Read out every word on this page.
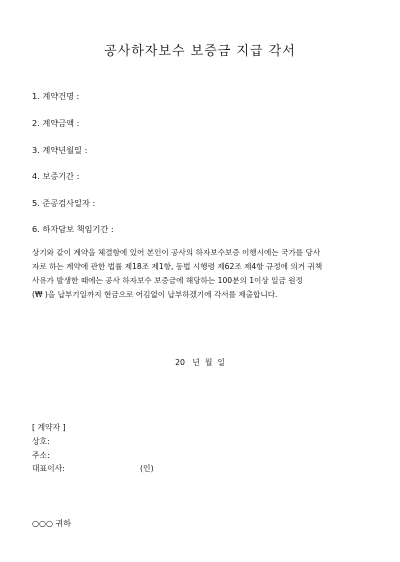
공사하자보수 보증금 지급 각서
1. 계약건명 :
2. 계약금액 :
3. 계약년월일 :
4. 보증기간 :
5. 준공검사일자 :
6. 하자담보 책임기간 :
상기와 같이 계약을 체결함에 있어 본인이 공사의 하자보수보증 이행시에는 국가를 당사
자로 하는 계약에 관한 법률 제18조 제1항, 동법 시행령 제62조 제4항 규정에 의거 귀책
사유가 발생한 때에는 공사 하자보수 보증금에 해당하는 100분의 1이상 일금 원정
(₩ )을 납부기일까지 현금으로 어김없이 납부하겠기에 각서를 제출합니다.
20   년  월  일
[ 계약자 ]
상호:
주소:
대표이사:	(인)
○○○ 귀하
